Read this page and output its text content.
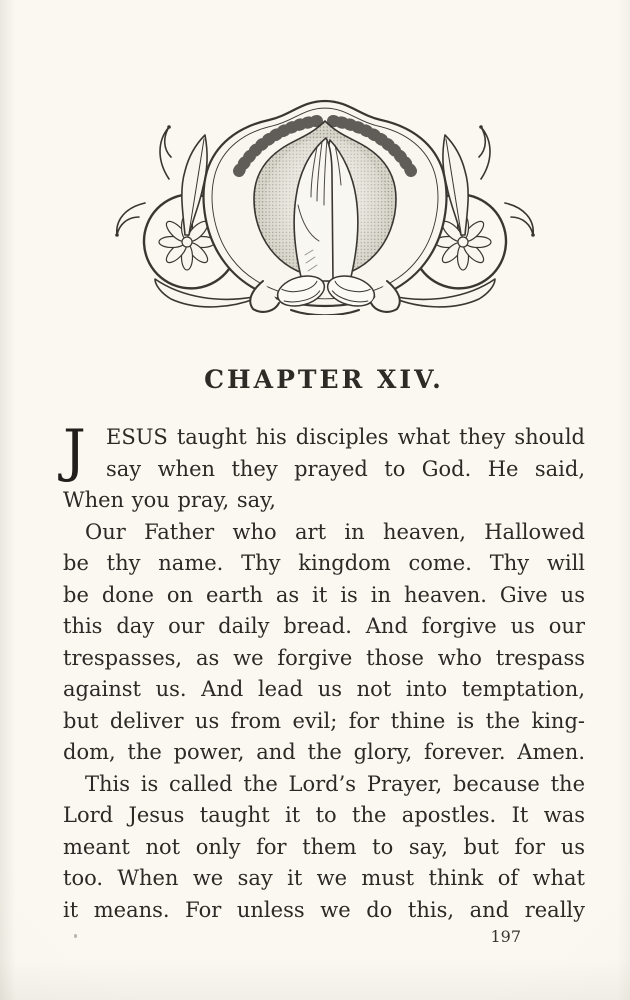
CHAPTER XIV.

J ESUS taught his disciples what they should
say when they prayed to God. He said,
When you pray, say,

Our Father who art in heaven, Hallowed
be thy name. Thy kingdom come. Thy will
be done on earth as it is in heaven. Give us
this day our daily bread. And forgive us our
trespasses, as we forgive those who trespass
against us. And lead us not into temptation,
but deliver us from evil; for thine is the king-
dom, the power, and the glory, forever. Amen.

This is called the Lord’s Prayer, because the
Lord Jesus taught it to the apostles. It was
meant not only for them to say, but for us
too. When we say it we must think of what
it means. For unless we do this, and really

197
